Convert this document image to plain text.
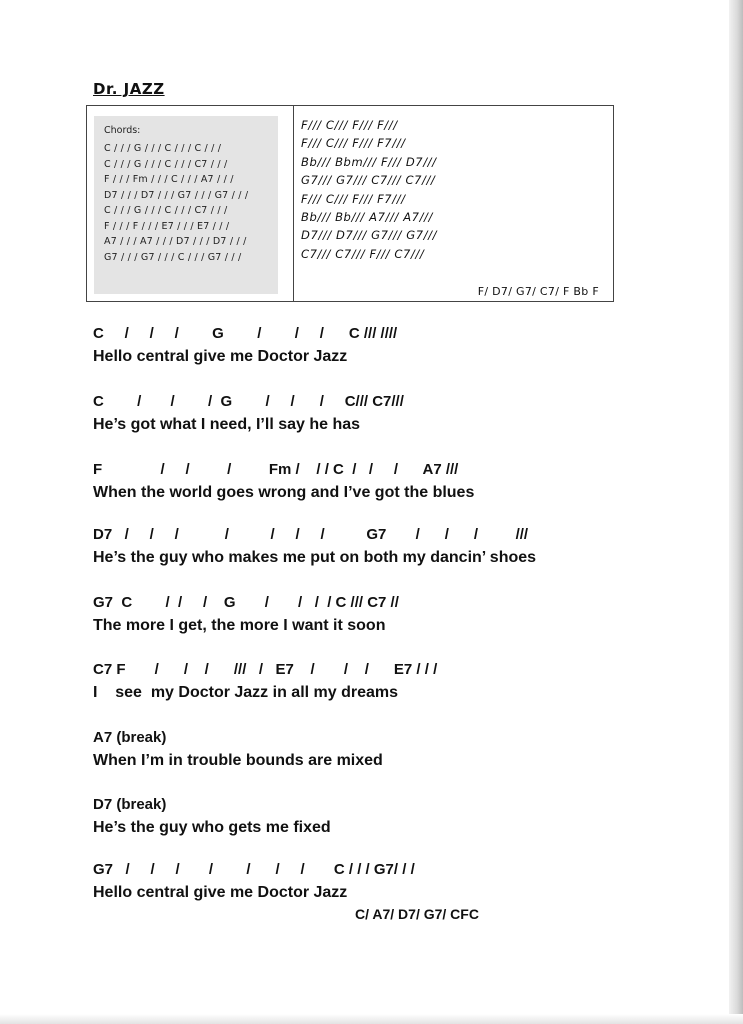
Dr. JAZZ
Chords:
C / / / G / / / C / / / C / / /
C / / / G / / / C / / / C7 / / /
F / / / Fm / / / C / / / A7 / / /
D7 / / / D7 / / / G7 / / / G7 / / /
C / / / G / / / C / / / C7 / / /
F / / / F / / / E7 / / / E7 / / /
A7 / / / A7 / / / D7 / / / D7 / / /
G7 / / / G7 / / / C / / / G7 / / /
F/// C/// F/// F///
F/// C/// F/// F7///
Bb/// Bbm/// F/// D7///
G7/// G7/// C7/// C7///
F/// C/// F/// F7///
Bb/// Bb/// A7/// A7///
D7/// D7/// G7/// G7///
C7/// C7/// F/// C7///
F/ D7/ G7/ C7/ F Bb F
C     /     /     /        G        /        /     /      C /// ////
Hello central give me Doctor Jazz
C        /       /        /  G        /     /      /     C/// C7///
He’s got what I need, I’ll say he has
F              /     /         /         Fm /    / / C  /   /     /      A7 ///
When the world goes wrong and I’ve got the blues
D7   /     /     /           /          /     /     /          G7       /      /      /         ///
He’s the guy who makes me put on both my dancin’ shoes
G7  C        /  /     /    G       /       /   /  / C /// C7 //
The more I get, the more I want it soon
C7 F       /      /    /      ///   /   E7    /       /    /      E7 / / /
I    see  my Doctor Jazz in all my dreams
A7 (break)
When I’m in trouble bounds are mixed
D7 (break)
He’s the guy who gets me fixed
G7   /     /     /       /        /      /     /       C / / / G7/ / /
Hello central give me Doctor Jazz
C/ A7/ D7/ G7/ CFC
